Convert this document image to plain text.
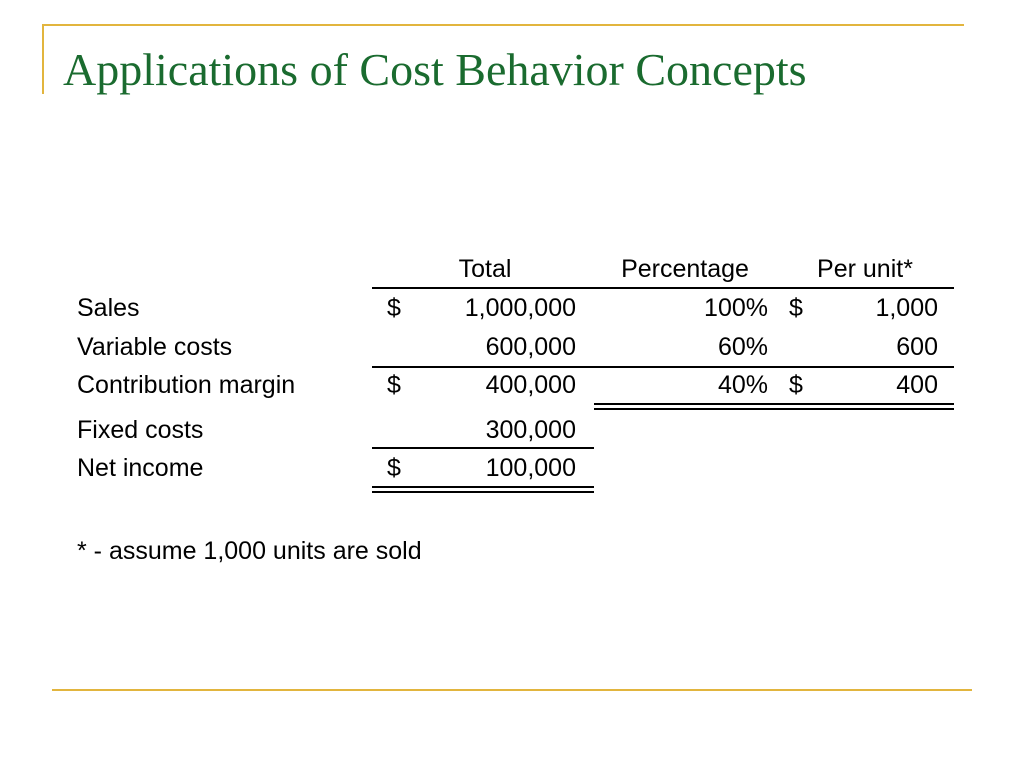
Applications of Cost Behavior Concepts
Total	Percentage	Per unit*
Sales	$	1,000,000	100% $	1,000
Variable costs	600,000	60%	600
Contribution margin	$	400,000	40% $	400
Fixed costs	300,000
Net income	$	100,000
* - assume 1,000 units are sold
